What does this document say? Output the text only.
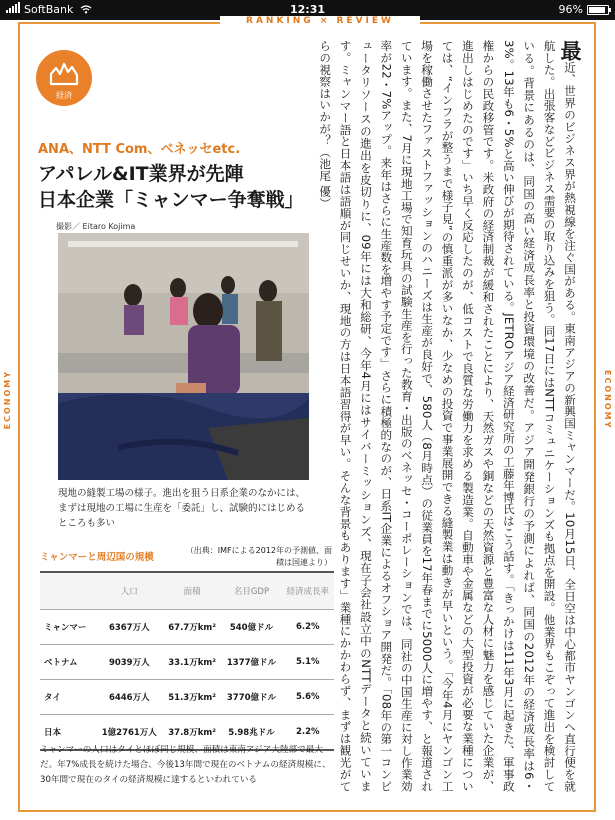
SoftBank	12:31	96%
RANKING × REVIEW
ECONOMY	ECONOMY
経済
ANA、NTT Com、ベネッセetc.
アパレル&IT業界が先陣
日本企業「ミャンマー争奪戦」
撮影／ Eitaro Kojima
現地の縫製工場の様子。進出を狙う日系企業のなかには、まずは現地の工場に生産を「委託」し、試験的にはじめるところも多い
ミャンマーと周辺国の規模
（出典：IMFによる2012年の予測値、面積は国連より）
	人口	面積	名目GDP	経済成長率
ミャンマー	6367万人	67.7万km²	540億ドル	6.2%
ベトナム	9039万人	33.1万km²	1377億ドル	5.1%
タイ	6446万人	51.3万km²	3770億ドル	5.6%
日本	1億2761万人	37.8万km²	5.98兆ドル	2.2%
ミャンマーの人口はタイとほぼ同じ規模、面積は東南アジア大陸部で最大だ。年7%成長を続けた場合、今後13年間で現在のベトナムの経済規模に、30年間で現在のタイの経済規模に達するといわれている
最近、世界のビジネス界が熱視線を注ぐ国がある。東南アジアの新興国ミャンマーだ。10月15日、全日空は中心都市ヤンゴンへ直行便を就航した。出張客などビジネス需要の取り込みを狙う。同17日にはNTTコミュニケーションズも拠点を開設。他業界もこぞって進出を検討している。背景にあるのは、同国の高い経済成長率と投資環境の改善だ。アジア開発銀行の予測によれば、同国の2012年の経済成長率は6・3%。13年も6・5%と高い伸びが期待されている。JETROアジア経済研究所の工藤年博氏はこう話す。「きっかけは11年3月に起きた、軍事政権からの民政移管です。米政府の経済制裁が緩和されたことにより、天然ガスや銅などの天然資源と豊富な人材に魅力を感じていた企業が、進出しはじめたのです」いち早く反応したのが、低コストで良質な労働力を求める製造業。自動車や金属などの大型投資が必要な業種については、“インフラが整うまで様子見”の慎重派が多いなか、少なめの投資で事業展開できる縫製業は動きが早いという。「今年4月にヤンゴン工場を稼働させたファストファッションのハニーズは生産が良好で、580人（8月時点）の従業員を17年春までに5000人に増やす、と報道されています。また、7月に現地工場で知育玩具の試験生産を行った教育・出版のベネッセ・コーポレーションでは、同社の中国生産に対し作業効率が22・7%アップ。来年はさらに生産数を増やす予定です」さらに積極的なのが、日系IT企業によるオフショア開発だ。「08年の第一コンピュータリソースの進出を皮切りに、09年には大和総研、今年4月にはサイバーミッションズ、現在子会社設立中のNTTデータと続いています。ミャンマー語と日本語は語順が同じせいか、現地の方は日本語習得が早い。そんな背景もあります」業種にかかわらず、まずは観光がてらの視察はいかが？（池尾 優）
